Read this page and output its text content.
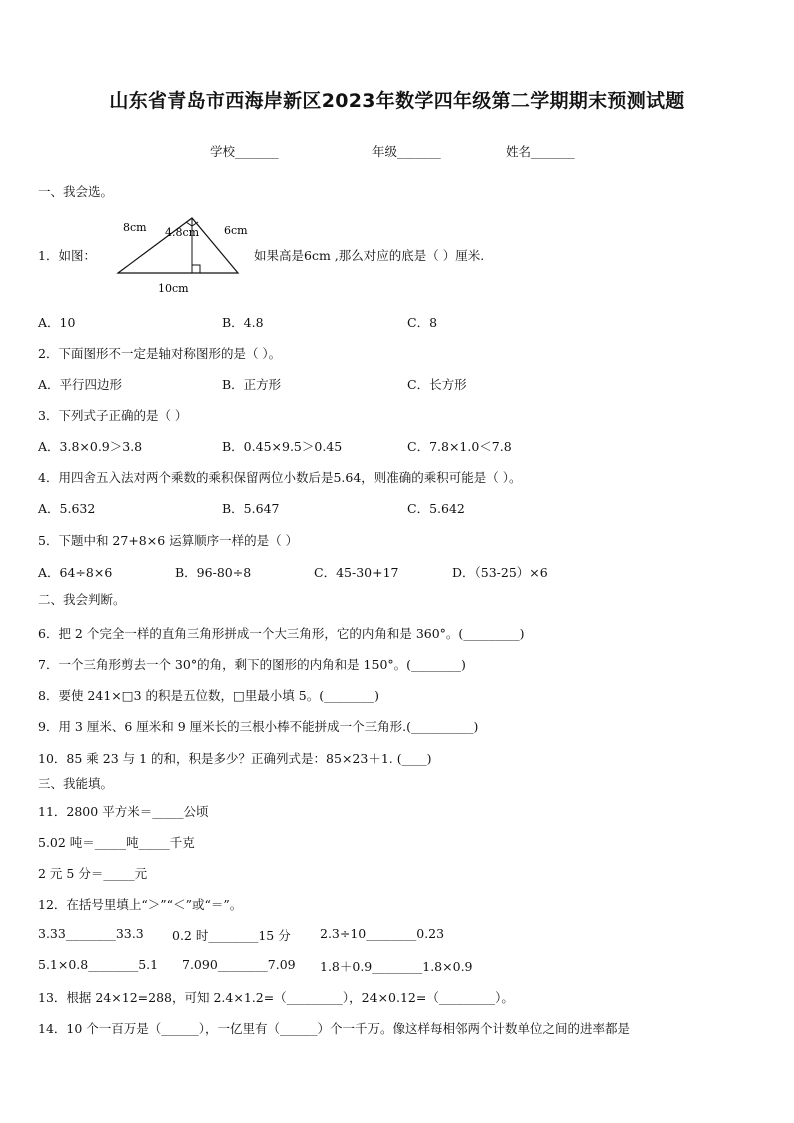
山东省青岛市西海岸新区2023年数学四年级第二学期期末预测试题
学校_______	年级_______	姓名_______
一、我会选。
1．如图：
8cm 4.8cm 6cm
10cm
如果高是6cm ,那么对应的底是（ ）厘米.
A．10	B．4.8	C．8
2．下面图形不一定是轴对称图形的是（ ）。
A．平行四边形	B．正方形	C．长方形
3．下列式子正确的是（ ）
A．3.8×0.9＞3.8	B．0.45×9.5＞0.45	C．7.8×1.0＜7.8
4．用四舍五入法对两个乘数的乘积保留两位小数后是5.64，则准确的乘积可能是（ ）。
A．5.632	B．5.647	C．5.642
5．下题中和 27+8×6 运算顺序一样的是（ ）
A．64÷8×6	B．96-80÷8	C．45-30+17	D．（53-25）×6
二、我会判断。
6．把 2 个完全一样的直角三角形拼成一个大三角形，它的内角和是 360°。(_________)
7．一个三角形剪去一个 30°的角，剩下的图形的内角和是 150°。(________)
8．要使 241×□3 的积是五位数，□里最小填 5。(________)
9．用 3 厘米、6 厘米和 9 厘米长的三根小棒不能拼成一个三角形.(__________)
10．85 乘 23 与 1 的和，积是多少？正确列式是：85×23＋1. (____)
三、我能填。
11．2800 平方米＝_____公顷
5.02 吨＝_____吨_____千克
2 元 5 分＝_____元
12．在括号里填上“＞”“＜”或“＝”。
3.33________33.3 0.2 时________15 分 2.3÷10________0.23
5.1×0.8________5.1 7.090________7.09 1.8＋0.9________1.8×0.9
13．根据 24×12=288，可知 2.4×1.2=（_________），24×0.12=（_________）。
14．10 个一百万是（______），一亿里有（______）个一千万。像这样每相邻两个计数单位之间的进率都是
